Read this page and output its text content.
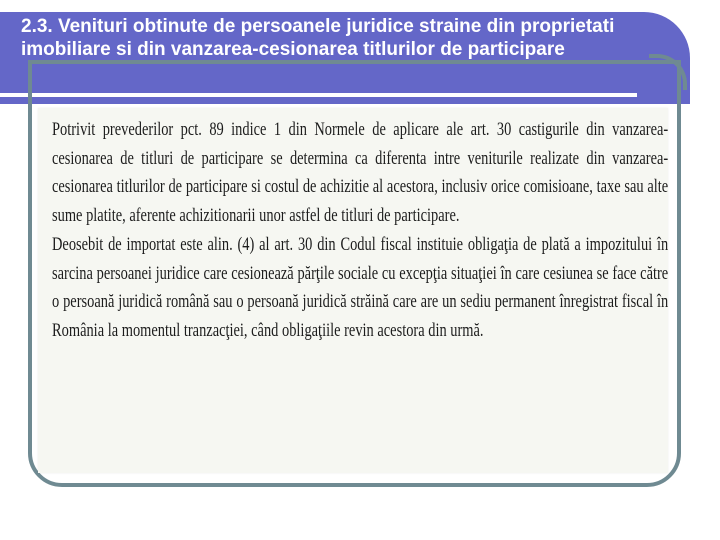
2.3. Venituri obtinute de persoanele juridice straine din proprietati imobiliare si din vanzarea-cesionarea titlurilor de participare

Potrivit prevederilor pct. 89 indice 1 din Normele de aplicare ale art. 30 castigurile din vanzarea-cesionarea de titluri de participare se determina ca diferenta intre veniturile realizate din vanzarea-cesionarea titlurilor de participare si costul de achizitie al acestora, inclusiv orice comisioane, taxe sau alte sume platite, aferente achizitionarii unor astfel de titluri de participare.

Deosebit de importat este alin. (4) al art. 30 din Codul fiscal instituie obligaţia de plată a impozitului în sarcina persoanei juridice care cesionează părţile sociale cu excepţia situaţiei în care cesiunea se face către o persoană juridică română sau o persoană juridică străină care are un sediu permanent înregistrat fiscal în România la momentul tranzacţiei, când obligaţiile revin acestora din urmă.
